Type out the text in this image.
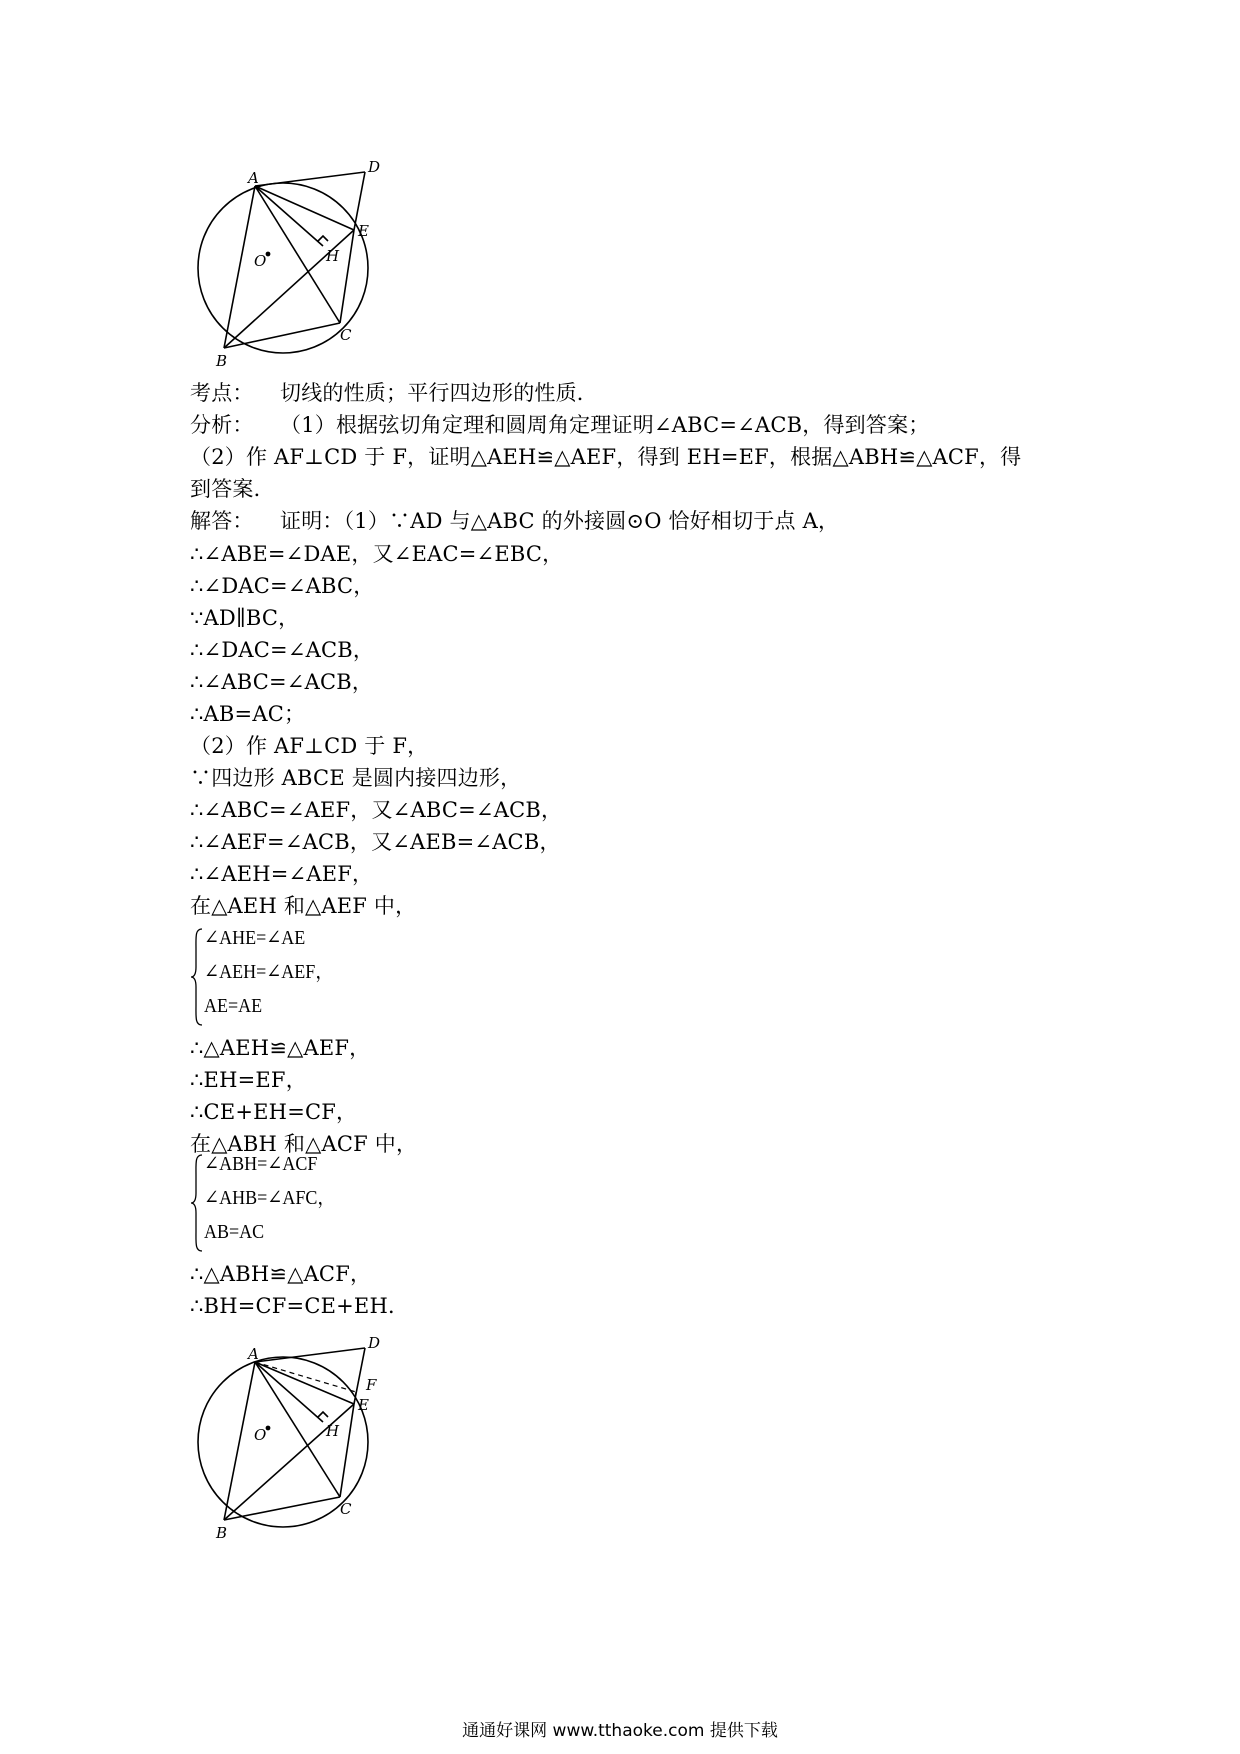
A
B
C
D
E
H
O
考点： 切线的性质；平行四边形的性质．
分析： （1）根据弦切角定理和圆周角定理证明∠ABC=∠ACB，得到答案；
（2）作 AF⊥CD 于 F，证明△AEH≌△AEF，得到 EH=EF，根据△ABH≌△ACF，得
到答案．
解答： 证明：（1）∵AD 与△ABC 的外接圆⊙O 恰好相切于点 A，
∴∠ABE=∠DAE，又∠EAC=∠EBC，
∴∠DAC=∠ABC，
∵AD∥BC，
∴∠DAC=∠ACB，
∴∠ABC=∠ACB，
∴AB=AC；
（2）作 AF⊥CD 于 F，
∵四边形 ABCE 是圆内接四边形，
∴∠ABC=∠AEF，又∠ABC=∠ACB，
∴∠AEF=∠ACB，又∠AEB=∠ACB，
∴∠AEH=∠AEF，
在△AEH 和△AEF 中，
∠AHE=∠AE
∠AEH=∠AEF，
AE=AE
∴△AEH≌△AEF，
∴EH=EF，
∴CE+EH=CF，
在△ABH 和△ACF 中，
∠ABH=∠ACF
∠AHB=∠AFC，
AB=AC
∴△ABH≌△ACF，
∴BH=CF=CE+EH．
A
B
C
D
E
F
H
O
通通好课网 www.tthaoke.com 提供下载
